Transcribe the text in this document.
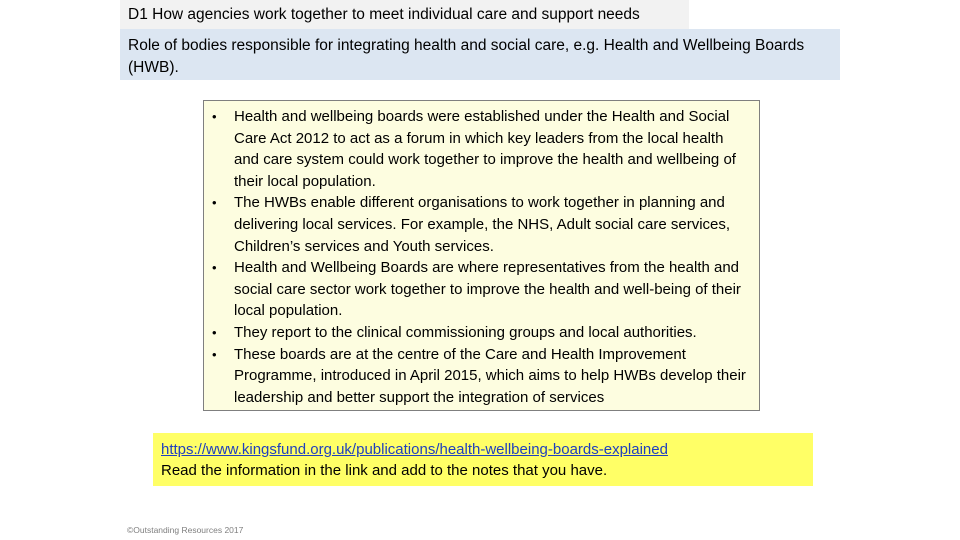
D1 How agencies work together to meet individual care and support needs
Role of bodies responsible for integrating health and social care, e.g. Health and Wellbeing Boards (HWB).
•	Health and wellbeing boards were established under the Health and Social Care Act 2012 to act as a forum in which key leaders from the local health and care system could work together to improve the health and wellbeing of their local population.
•	The HWBs enable different organisations to work together in planning and delivering local services. For example, the NHS, Adult social care services, Children’s services and Youth services.
•	Health and Wellbeing Boards are where representatives from the health and social care sector work together to improve the health and well-being of their local population.
•	They report to the clinical commissioning groups and local authorities.
•	These boards are at the centre of the Care and Health Improvement Programme, introduced in April 2015, which aims to help HWBs develop their leadership and better support the integration of services
https://www.kingsfund.org.uk/publications/health-wellbeing-boards-explained
Read the information in the link and add to the notes that you have.
©Outstanding Resources 2017
